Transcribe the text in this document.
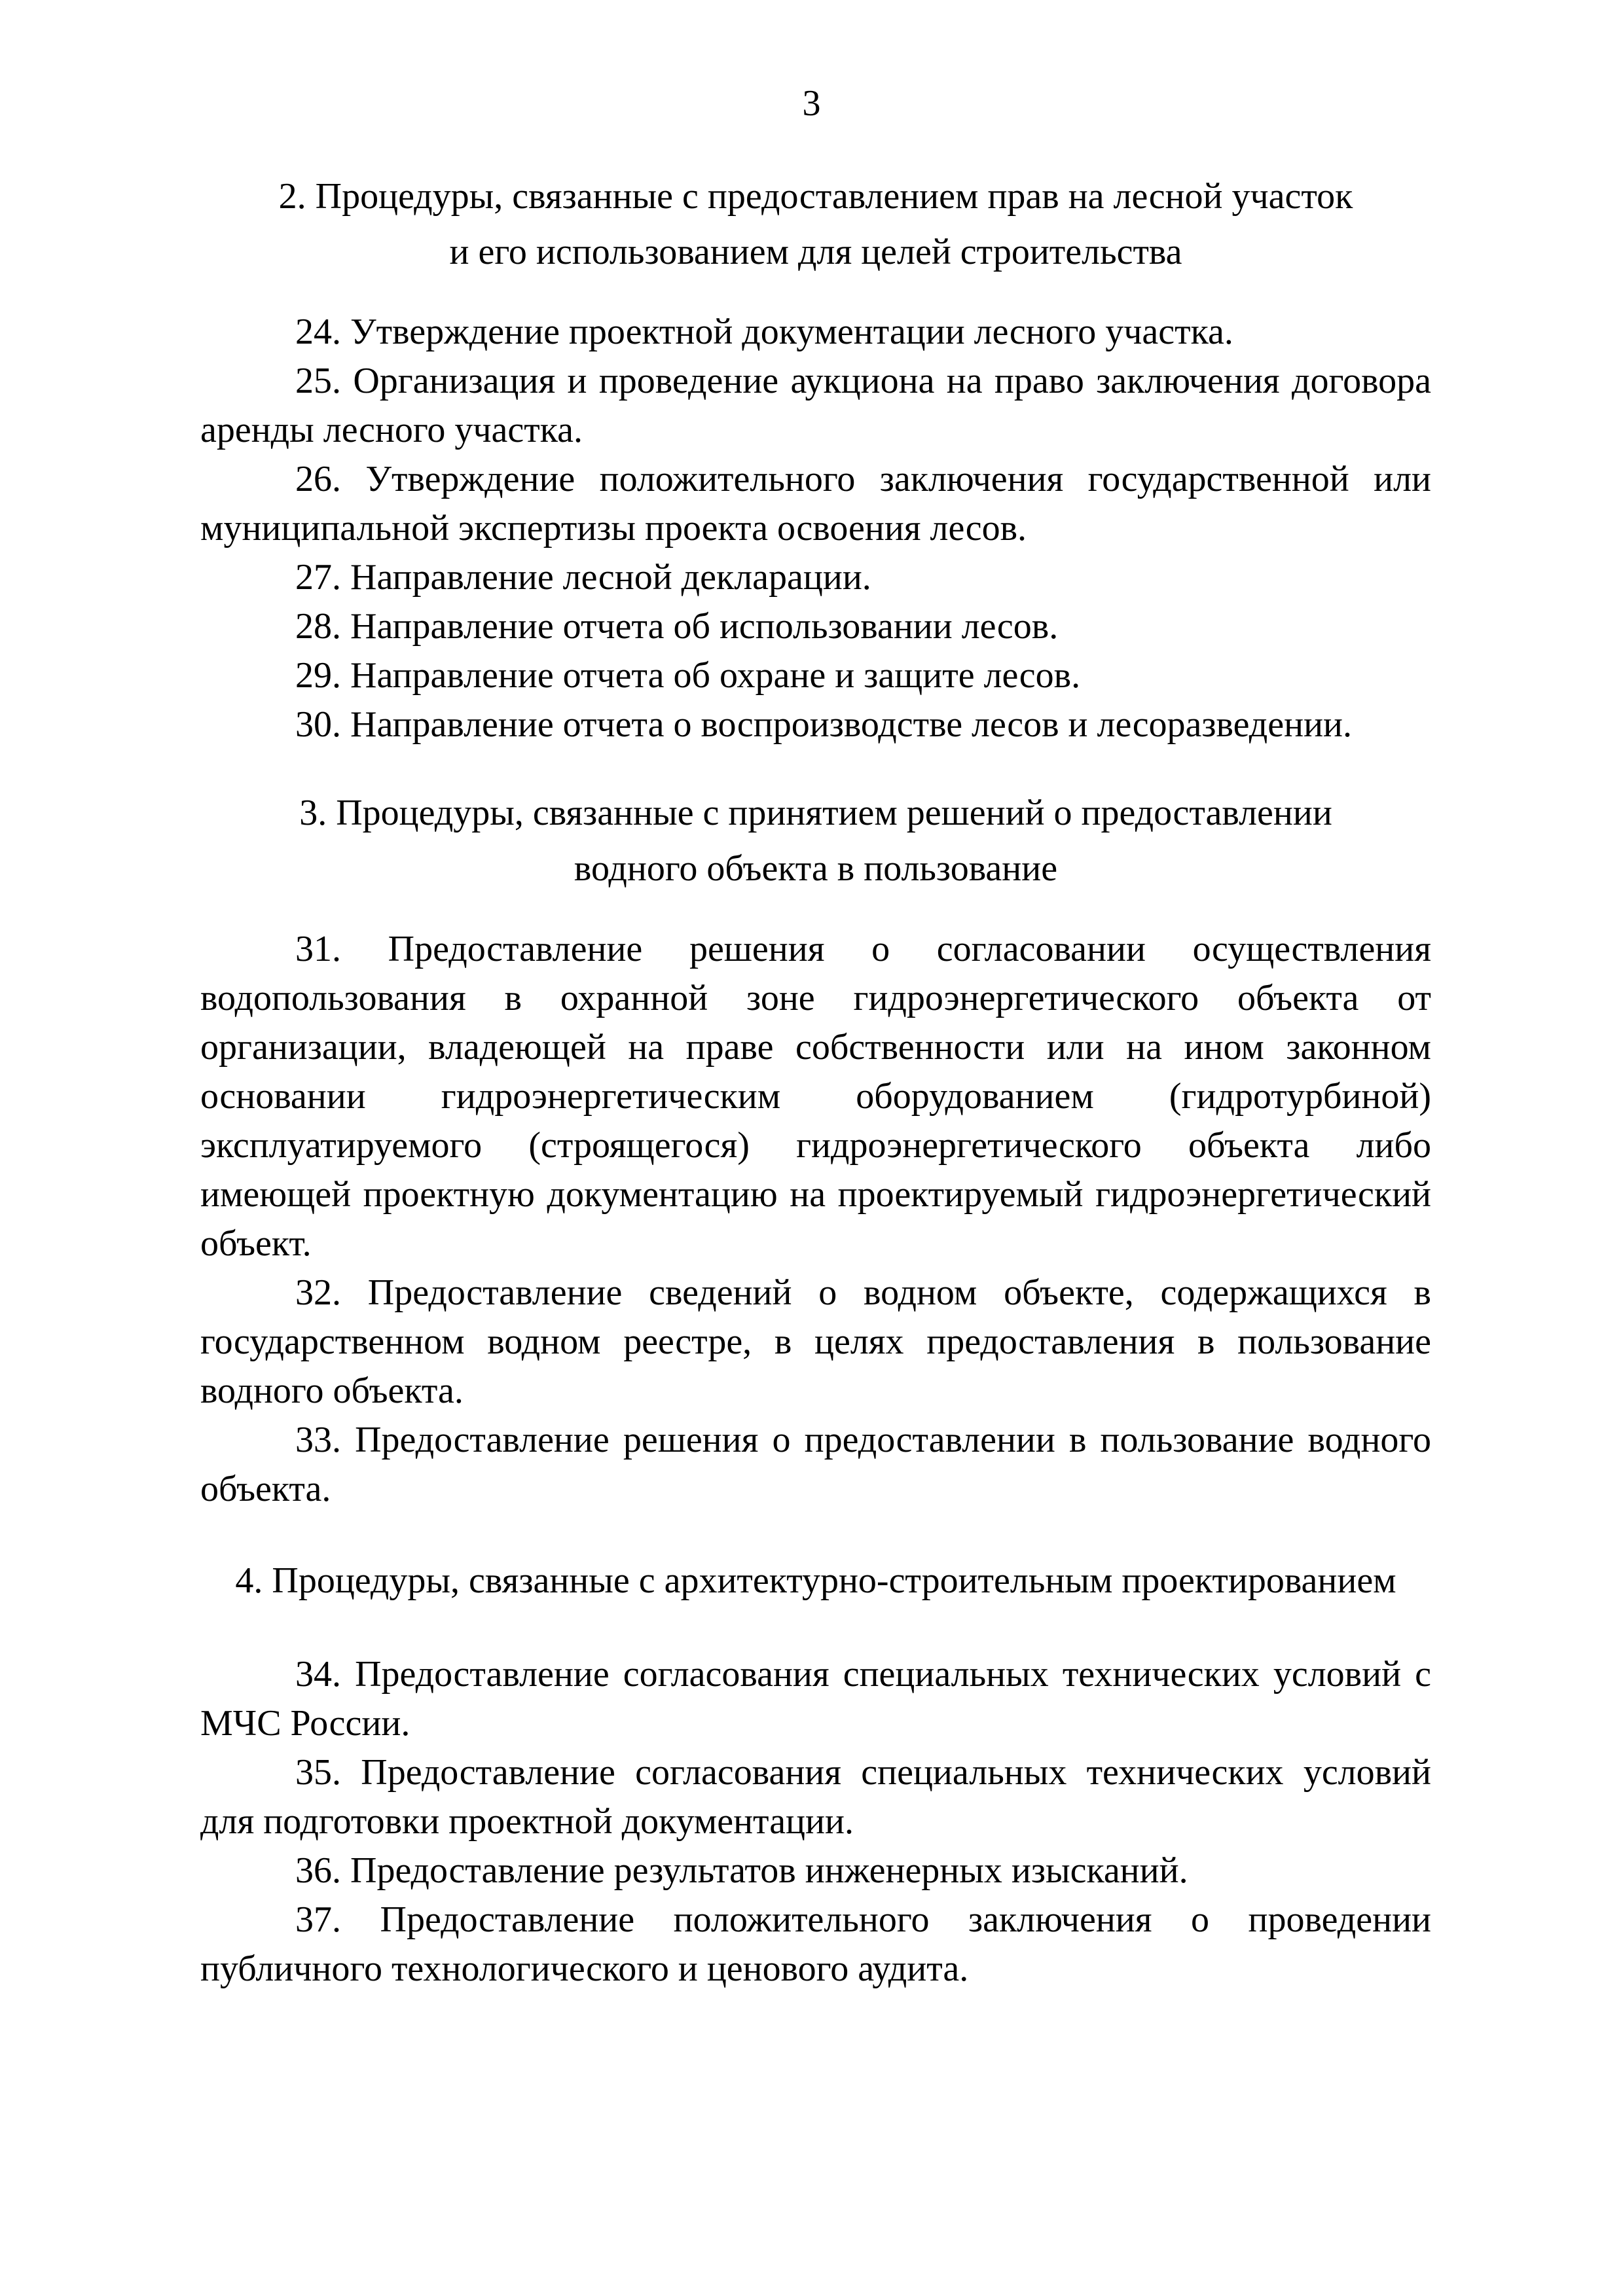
3
2. Процедуры, связанные с предоставлением прав на лесной участок
и его использованием для целей строительства
24. Утверждение проектной документации лесного участка.
25. Организация и проведение аукциона на право заключения договора аренды лесного участка.
26. Утверждение положительного заключения государственной или муниципальной экспертизы проекта освоения лесов.
27. Направление лесной декларации.
28. Направление отчета об использовании лесов.
29. Направление отчета об охране и защите лесов.
30. Направление отчета о воспроизводстве лесов и лесоразведении.
3. Процедуры, связанные с принятием решений о предоставлении
водного объекта в пользование
31. Предоставление решения о согласовании осуществления водопользования в охранной зоне гидроэнергетического объекта от организации, владеющей на праве собственности или на ином законном основании гидроэнергетическим оборудованием (гидротурбиной) эксплуатируемого (строящегося) гидроэнергетического объекта либо имеющей проектную документацию на проектируемый гидроэнергетический объект.
32. Предоставление сведений о водном объекте, содержащихся в государственном водном реестре, в целях предоставления в пользование водного объекта.
33. Предоставление решения о предоставлении в пользование водного объекта.
4. Процедуры, связанные с архитектурно-строительным проектированием
34. Предоставление согласования специальных технических условий с МЧС России.
35. Предоставление согласования специальных технических условий для подготовки проектной документации.
36. Предоставление результатов инженерных изысканий.
37. Предоставление положительного заключения о проведении публичного технологического и ценового аудита.
